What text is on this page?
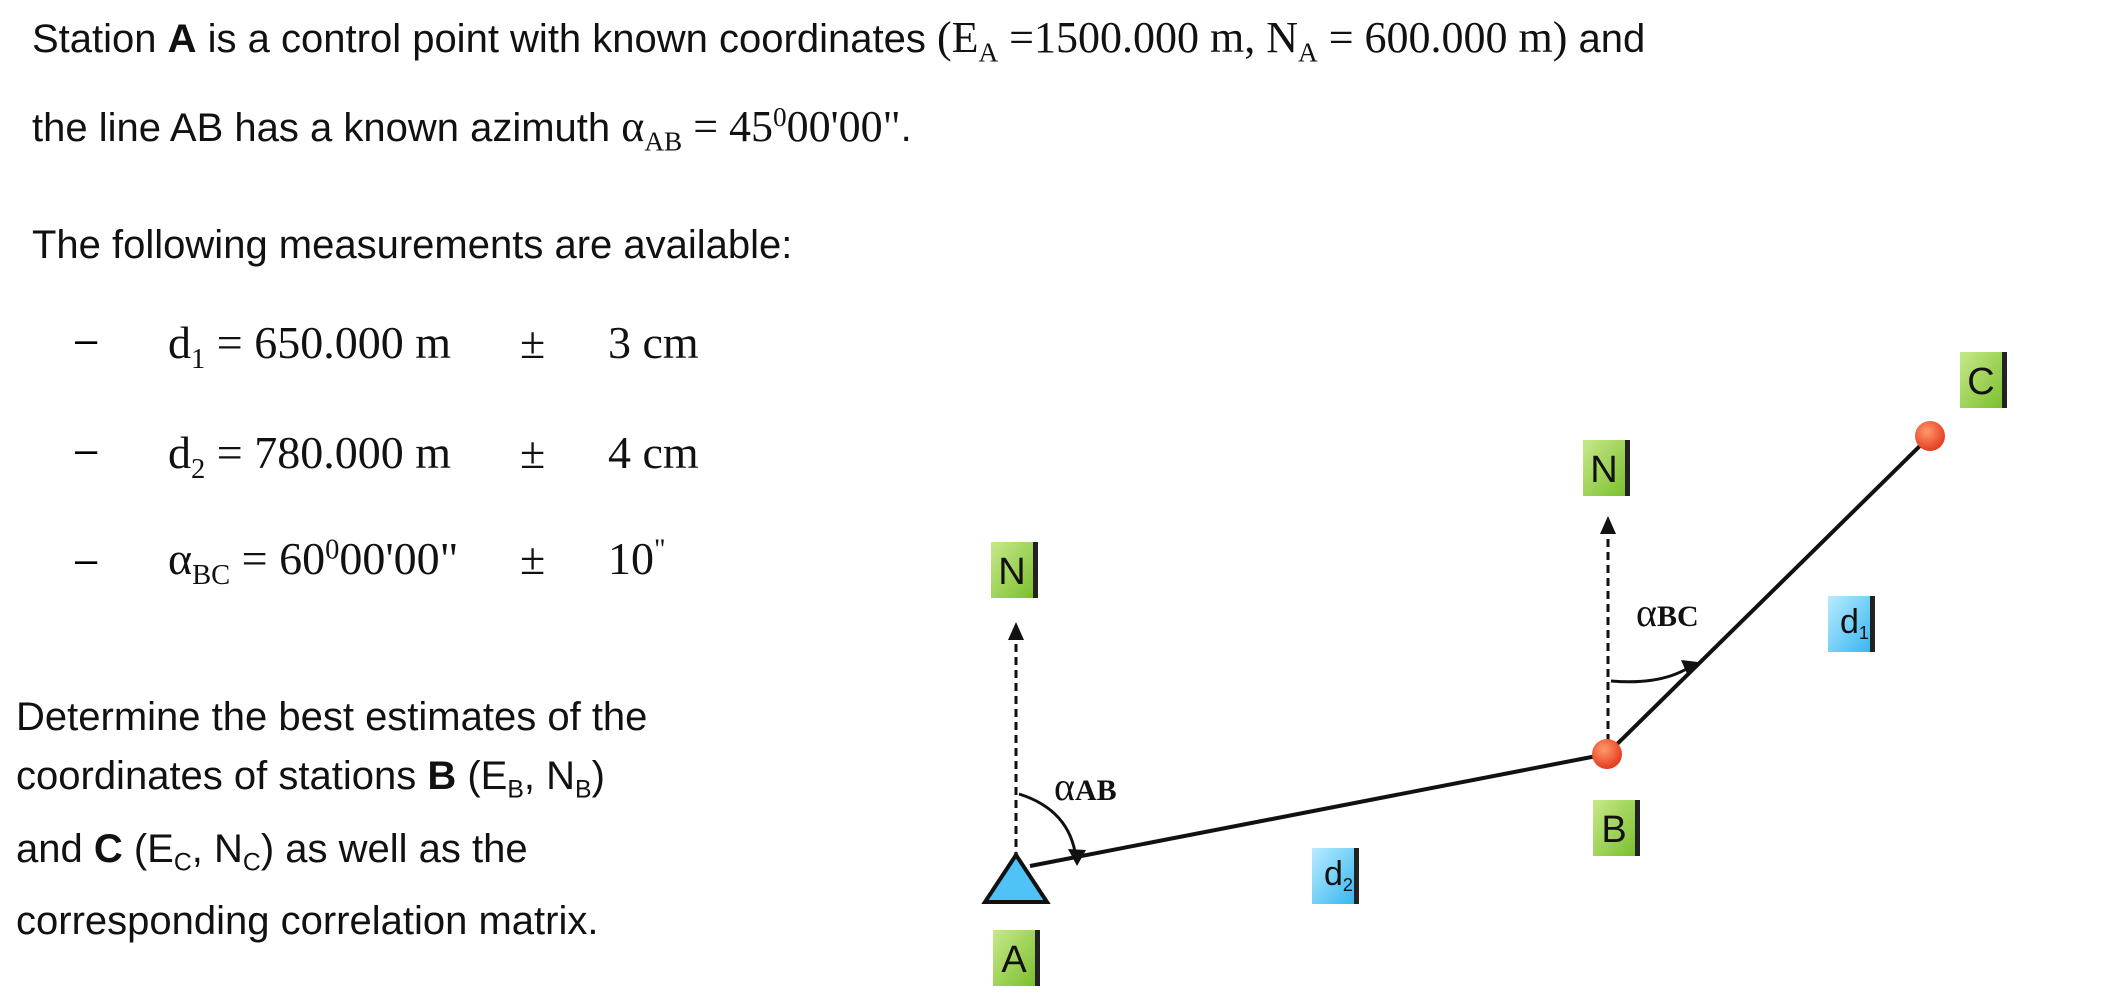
Station A is a control point with known coordinates ($E_A =1500.000$ m, $N_A = 600.000$ m) and
the line AB has a known azimuth $\alpha_{AB} = 45^000'00$".
The following measurements are available:
– $d_1 = 650.000$ m ± 3 cm
– $d_2 = 780.000$ m ± 4 cm
– $\alpha_{BC} = 60^000'00$" ± 10"
Determine the best estimates of the
coordinates of stations B ($E_B$, $N_B$)
and C ($E_C$, $N_C$) as well as the
corresponding correlation matrix.
A
B
C
N
N
d2
d1
αAB
αBC
